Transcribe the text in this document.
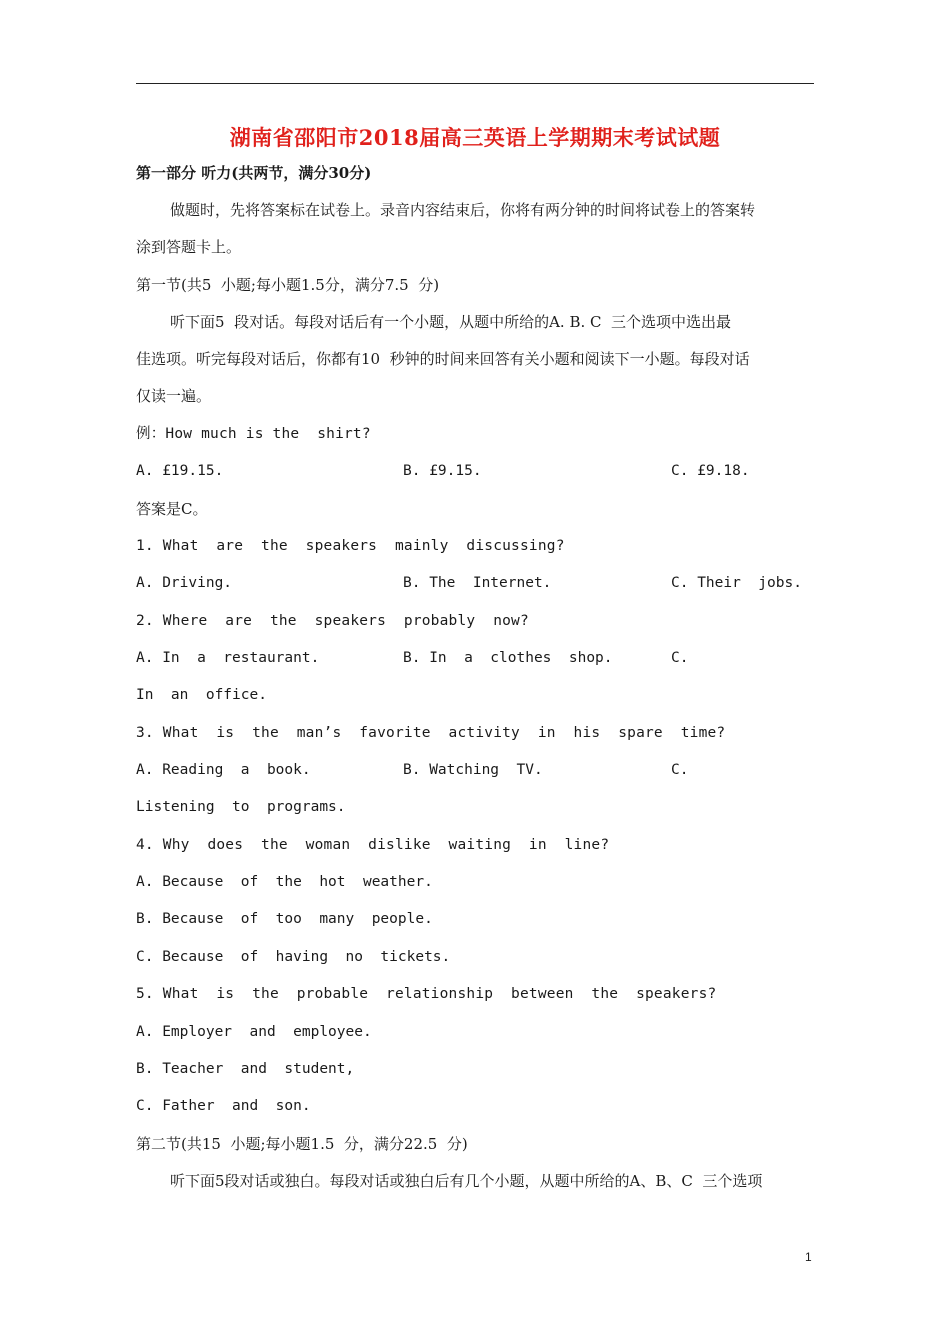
湖南省邵阳市2018届高三英语上学期期末考试试题
第一部分 听力(共两节，满分30分)
做题时，先将答案标在试卷上。录音内容结束后，你将有两分钟的时间将试卷上的答案转
涂到答题卡上。
第一节(共5  小题;每小题1.5分，满分7.5  分)
听下面5  段对话。每段对话后有一个小题，从题中所给的A. B. C  三个选项中选出最
佳选项。听完每段对话后，你都有10  秒钟的时间来回答有关小题和阅读下一小题。每段对话
仅读一遍。
例：How much is the  shirt?
A. £19.15.	B. £9.15.	C. £9.18.
答案是C。
1. What  are  the  speakers  mainly  discussing?
A. Driving.	B. The  Internet.	C. Their  jobs.
2. Where  are  the  speakers  probably  now?
A. In  a  restaurant.	B. In  a  clothes  shop.	C.
In  an  office.
3. What  is  the  man’s  favorite  activity  in  his  spare  time?
A. Reading  a  book.	B. Watching  TV.	C.
Listening  to  programs.
4. Why  does  the  woman  dislike  waiting  in  line?
A. Because  of  the  hot  weather.
B. Because  of  too  many  people.
C. Because  of  having  no  tickets.
5. What  is  the  probable  relationship  between  the  speakers?
A. Employer  and  employee.
B. Teacher  and  student,
C. Father  and  son.
第二节(共15  小题;每小题1.5  分，满分22.5  分)
听下面5段对话或独白。每段对话或独白后有几个小题，从题中所给的A、B、C  三个选项
1
